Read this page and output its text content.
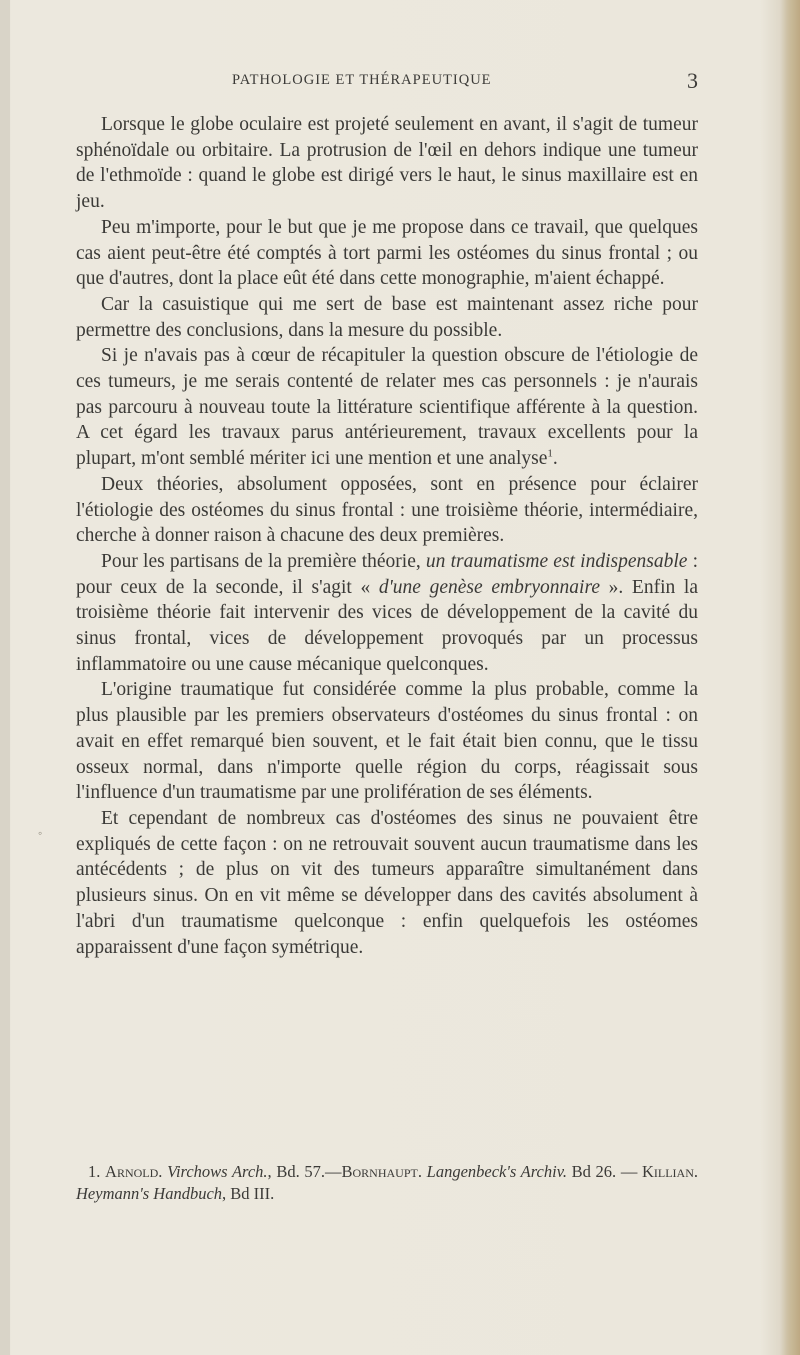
PATHOLOGIE ET THÉRAPEUTIQUE	3
◦

Lorsque le globe oculaire est projeté seulement en avant, il s'agit de tumeur sphénoïdale ou orbitaire. La protrusion de l'œil en dehors indique une tumeur de l'ethmoïde : quand le globe est dirigé vers le haut, le sinus maxillaire est en jeu.

Peu m'importe, pour le but que je me propose dans ce travail, que quelques cas aient peut-être été comptés à tort parmi les ostéomes du sinus frontal ; ou que d'autres, dont la place eût été dans cette monographie, m'aient échappé.

Car la casuistique qui me sert de base est maintenant assez riche pour permettre des conclusions, dans la mesure du possible.

Si je n'avais pas à cœur de récapituler la question obscure de l'étiologie de ces tumeurs, je me serais contenté de relater mes cas personnels : je n'aurais pas parcouru à nouveau toute la littérature scientifique afférente à la question. A cet égard les travaux parus antérieurement, travaux excellents pour la plupart, m'ont semblé mériter ici une mention et une analyse$^1$.

Deux théories, absolument opposées, sont en présence pour éclairer l'étiologie des ostéomes du sinus frontal : une troisième théorie, intermédiaire, cherche à donner raison à chacune des deux premières.

Pour les partisans de la première théorie, un traumatisme est indispensable : pour ceux de la seconde, il s'agit « d'une genèse embryonnaire ». Enfin la troisième théorie fait intervenir des vices de développement de la cavité du sinus frontal, vices de développement provoqués par un processus inflammatoire ou une cause mécanique quelconques.

L'origine traumatique fut considérée comme la plus probable, comme la plus plausible par les premiers observateurs d'ostéomes du sinus frontal : on avait en effet remarqué bien souvent, et le fait était bien connu, que le tissu osseux normal, dans n'importe quelle région du corps, réagissait sous l'influence d'un traumatisme par une prolifération de ses éléments.

Et cependant de nombreux cas d'ostéomes des sinus ne pouvaient être expliqués de cette façon : on ne retrouvait souvent aucun traumatisme dans les antécédents ; de plus on vit des tumeurs apparaître simultanément dans plusieurs sinus. On en vit même se développer dans des cavités absolument à l'abri d'un traumatisme quelconque : enfin quelquefois les ostéomes apparaissent d'une façon symétrique.

1. Arnold. Virchows Arch., Bd. 57.—Bornhaupt. Langenbeck's Archiv. Bd 26. — Killian. Heymann's Handbuch, Bd III.
